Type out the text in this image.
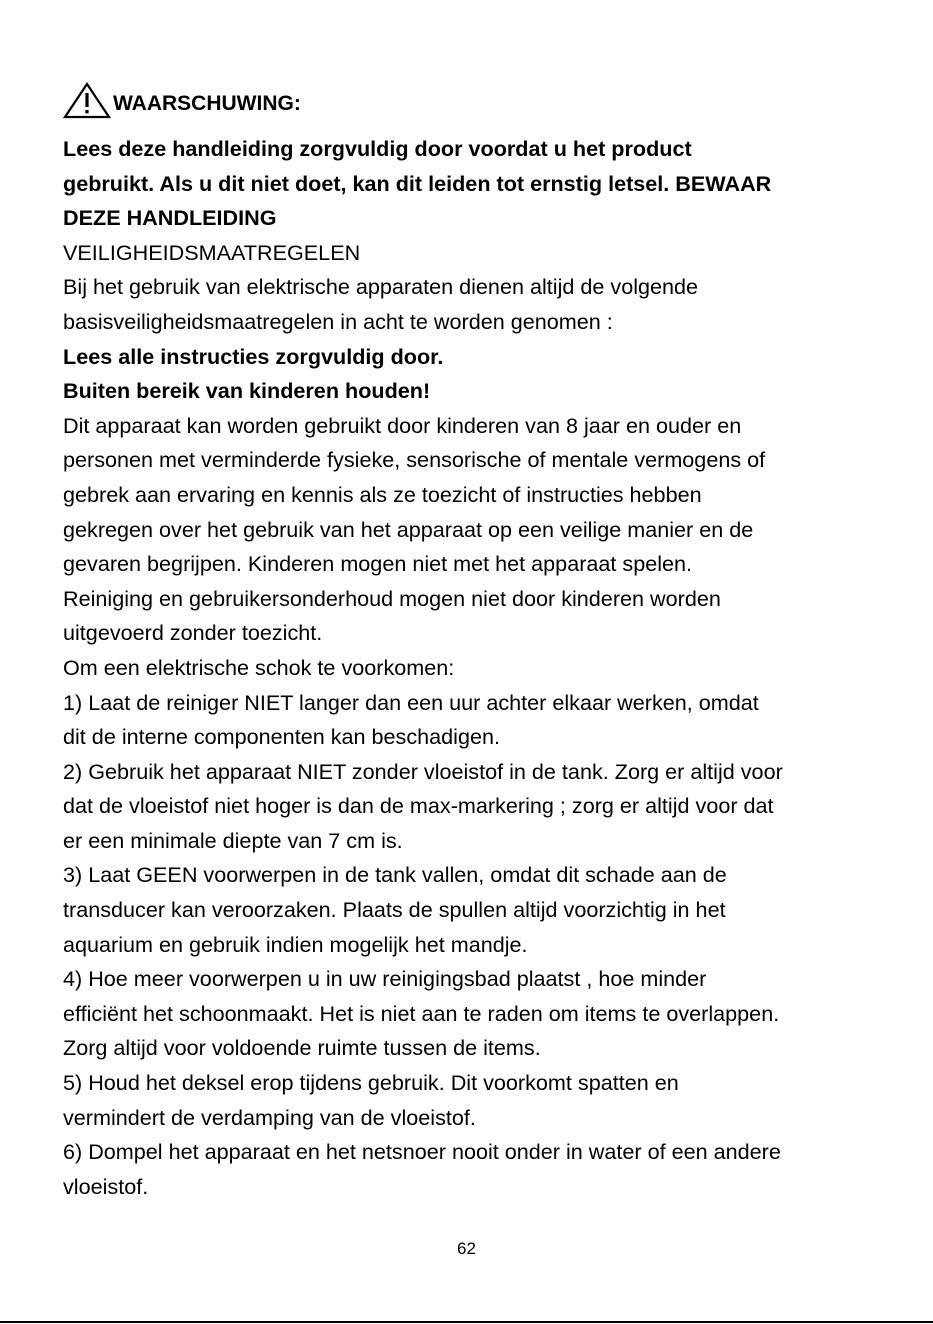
WAARSCHUWING:
Lees deze handleiding zorgvuldig door voordat u het product
gebruikt. Als u dit niet doet, kan dit leiden tot ernstig letsel. BEWAAR
DEZE HANDLEIDING
VEILIGHEIDSMAATREGELEN
Bij het gebruik van elektrische apparaten dienen altijd de volgende
basisveiligheidsmaatregelen in acht te worden genomen :
Lees alle instructies zorgvuldig door.
Buiten bereik van kinderen houden!
Dit apparaat kan worden gebruikt door kinderen van 8 jaar en ouder en
personen met verminderde fysieke, sensorische of mentale vermogens of
gebrek aan ervaring en kennis als ze toezicht of instructies hebben
gekregen over het gebruik van het apparaat op een veilige manier en de
gevaren begrijpen. Kinderen mogen niet met het apparaat spelen.
Reiniging en gebruikersonderhoud mogen niet door kinderen worden
uitgevoerd zonder toezicht.
Om een elektrische schok te voorkomen:
1) Laat de reiniger NIET langer dan een uur achter elkaar werken, omdat
dit de interne componenten kan beschadigen.
2) Gebruik het apparaat NIET zonder vloeistof in de tank. Zorg er altijd voor
dat de vloeistof niet hoger is dan de max-markering ; zorg er altijd voor dat
er een minimale diepte van 7 cm is.
3) Laat GEEN voorwerpen in de tank vallen, omdat dit schade aan de
transducer kan veroorzaken. Plaats de spullen altijd voorzichtig in het
aquarium en gebruik indien mogelijk het mandje.
4) Hoe meer voorwerpen u in uw reinigingsbad plaatst , hoe minder
efficiënt het schoonmaakt. Het is niet aan te raden om items te overlappen.
Zorg altijd voor voldoende ruimte tussen de items.
5) Houd het deksel erop tijdens gebruik. Dit voorkomt spatten en
vermindert de verdamping van de vloeistof.
6) Dompel het apparaat en het netsnoer nooit onder in water of een andere
vloeistof.
62
